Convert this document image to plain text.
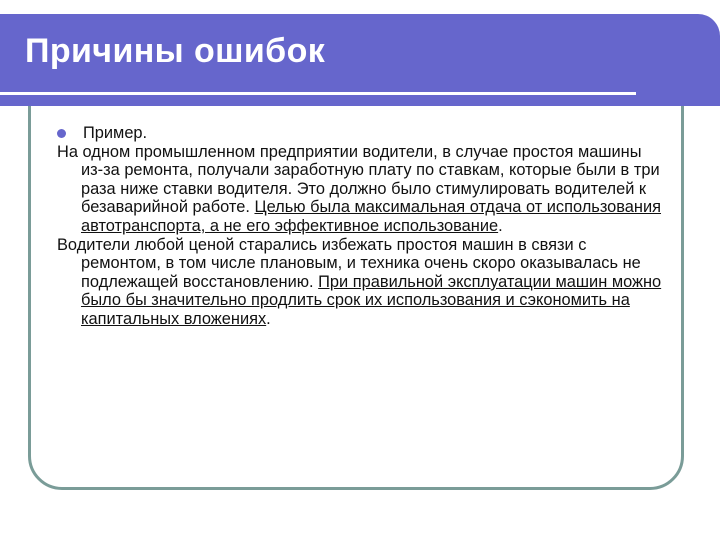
Причины ошибок
Пример.

На одном промышленном предприятии водители, в случае простоя машины из-за ремонта, получали заработную плату по ставкам, которые были в три раза ниже ставки водителя. Это должно было стимулировать водителей к безаварийной работе. Целью была максимальная отдача от использования автотранспорта, а не его эффективное использование.

Водители любой ценой старались избежать простоя машин в связи с ремонтом, в том числе плановым, и техника очень скоро оказывалась не подлежащей восстановлению. При правильной эксплуатации машин можно было бы значительно продлить срок их использования и сэкономить на капитальных вложениях.
